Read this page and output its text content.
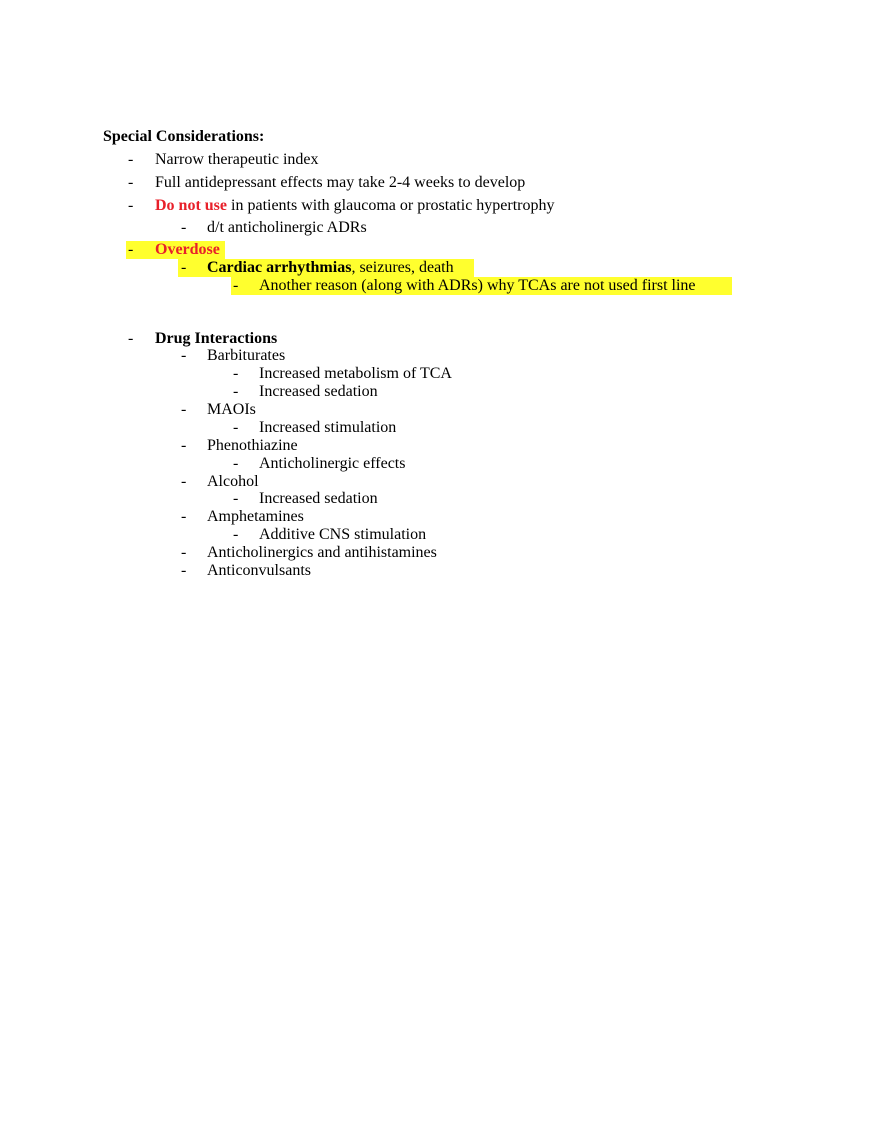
Special Considerations:
- Narrow therapeutic index
- Full antidepressant effects may take 2-4 weeks to develop
- Do not use in patients with glaucoma or prostatic hypertrophy
- d/t anticholinergic ADRs
- Overdose
- Cardiac arrhythmias, seizures, death
- Another reason (along with ADRs) why TCAs are not used first line
- Drug Interactions
- Barbiturates
- Increased metabolism of TCA
- Increased sedation
- MAOIs
- Increased stimulation
- Phenothiazine
- Anticholinergic effects
- Alcohol
- Increased sedation
- Amphetamines
- Additive CNS stimulation
- Anticholinergics and antihistamines
- Anticonvulsants
